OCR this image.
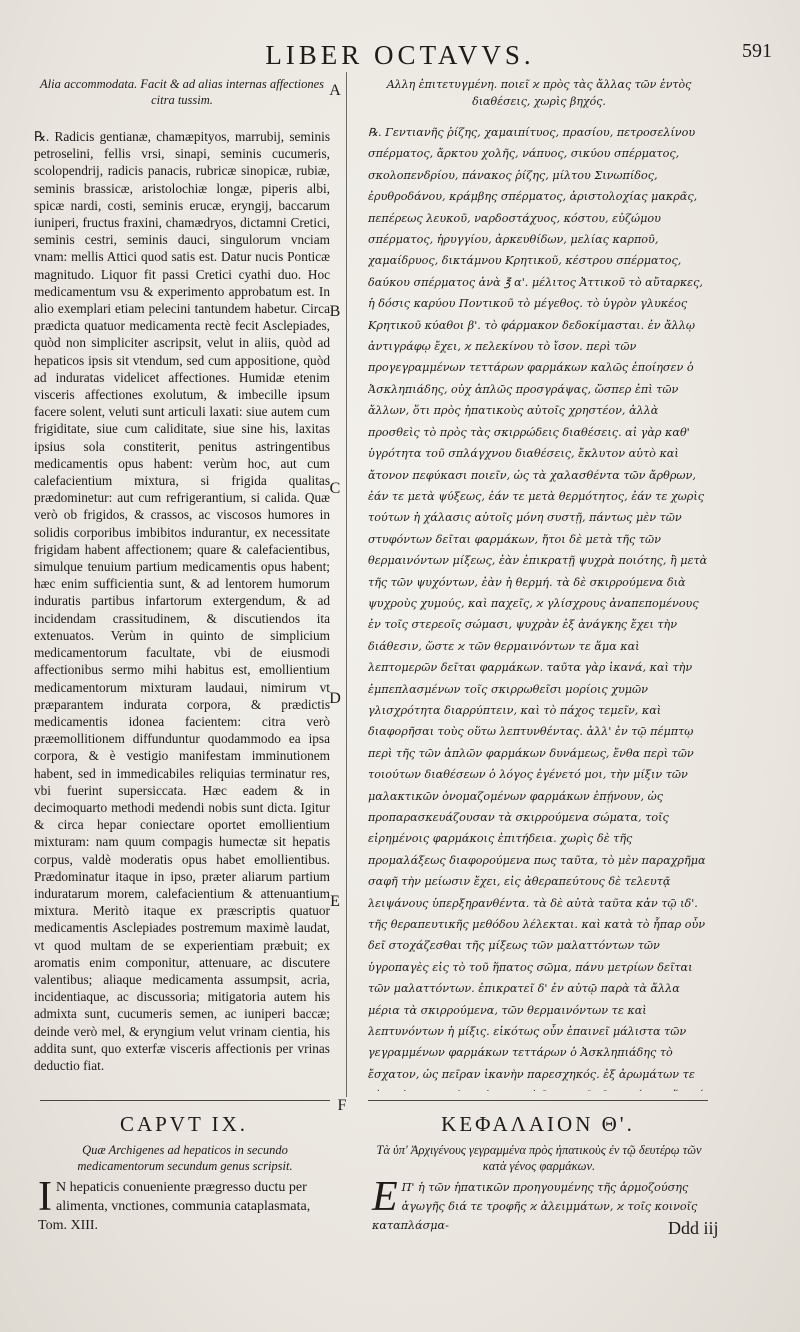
LIBER OCTAVVS.	591

Alia accommodata. Facit & ad alias internas affectiones citra tussim.

℞. Radicis gentianæ, chamæpityos, marrubij, seminis petroselini, fellis vrsi, sinapi, seminis cucumeris, scolopendrij, radicis panacis, rubricæ sinopicæ, rubiæ, seminis brassicæ, aristolochiæ longæ, piperis albi, spicæ nardi, costi, seminis erucæ, eryngij, baccarum iuniperi, fructus fraxini, chamædryos, dictamni Cretici, seminis cestri, seminis dauci, singulorum vnciam vnam: mellis Attici quod satis est. Datur nucis Ponticæ magnitudo. Liquor fit passi Cretici cyathi duo. Hoc medicamentum vsu & experimento approbatum est. In alio exemplari etiam pelecini tantundem habetur. Circa prædicta quatuor medicamenta rectè fecit Asclepiades, quòd non simpliciter ascripsit, velut in aliis, quòd ad hepaticos ipsis sit vtendum, sed cum appositione, quòd ad induratas videlicet affectiones. Humidæ etenim visceris affectiones exolutum, & imbecille ipsum facere solent, veluti sunt articuli laxati: siue autem cum frigiditate, siue cum caliditate, siue sine his, laxitas ipsius sola constiterit, penitus astringentibus medicamentis opus habent: verùm hoc, aut cum calefacientium mixtura, si frigida qualitas prædominetur: aut cum refrigerantium, si calida. Quæ verò ob frigidos, & crassos, ac viscosos humores in solidis corporibus imbibitos indurantur, ex necessitate frigidam habent affectionem; quare & calefacientibus, simulque tenuium partium medicamentis opus habent; hæc enim sufficientia sunt, & ad lentorem humorum induratis partibus infartorum extergendum, & ad incidendam crassitudinem, & discutiendos ita extenuatos. Verùm in quinto de simplicium medicamentorum facultate, vbi de eiusmodi affectionibus sermo mihi habitus est, emollientium medicamentorum mixturam laudaui, nimirum vt præparantem indurata corpora, & prædictis medicamentis idonea facientem: citra verò præemollitionem diffunduntur quodammodo ea ipsa corpora, & è vestigio manifestam imminutionem habent, sed in immedicabiles reliquias terminatur res, vbi fuerint supersiccata. Hæc eadem & in decimoquarto methodi medendi nobis sunt dicta. Igitur & circa hepar coniectare oportet emollientium mixturam: nam quum compagis humectæ sit hepatis corpus, valdè moderatis opus habet emollientibus. Prædominatur itaque in ipso, præter aliarum partium induratarum morem, calefacientium & attenuantium mixtura. Meritò itaque ex præscriptis quatuor medicamentis Asclepiades postremum maximè laudat, vt quod multam de se experientiam præbuit; ex aromatis enim componitur, attenuare, ac discutere valentibus; aliaque medicamenta assumpsit, acria, incidentiaque, ac discussoria; mitigatoria autem his admixta sunt, cucumeris semen, ac iuniperi baccæ; deinde verò mel, & eryngium velut vrinam cientia, his addita sunt, quo exterfæ visceris affectionis per vrinas deductio fiat.

A
B
C
D
E
F

Αλλη ἐπιτετυγμένη. ποιεῖ ϰ πρὸς τὰς ἄλλας τῶν ἐντὸς διαθέσεις, χωρὶς βηχός.

℞. Γεντιανῆς ῥίζης, χαμαιπίτυος, πρασίου, πετροσελίνου σπέρματος, ἄρκτου χολῆς, νάπυος, σικύου σπέρματος, σκολοπενδρίου, πάνακος ῥίζης, μίλτου Σινωπίδος, ἐρυθροδάνου, κράμβης σπέρματος, ἀριστολοχίας μακρᾶς, πεπέρεως λευκοῦ, ναρδοστάχυος, κόστου, εὐζώμου σπέρματος, ἠρυγγίου, ἀρκευθίδων, μελίας καρποῦ, χαμαίδρυος, δικτάμνου Κρητικοῦ, κέστρου σπέρματος, δαύκου σπέρματος ἀνὰ ℥ α'. μέλιτος Ἀττικοῦ τὸ αὔταρκες, ἡ δόσις καρύου Ποντικοῦ τὸ μέγεθος. τὸ ὑγρὸν γλυκέος Κρητικοῦ κύαθοι β'. τὸ φάρμακον δεδοκίμασται. ἐν ἄλλῳ ἀντιγράφῳ ἔχει, ϰ πελεκίνου τὸ ἴσον. περὶ τῶν προγεγραμμένων τεττάρων φαρμάκων καλῶς ἐποίησεν ὁ Ἀσκληπιάδης, οὐχ ἁπλῶς προσγράψας, ὥσπερ ἐπὶ τῶν ἄλλων, ὅτι πρὸς ἡπατικοὺς αὐτοῖς χρηστέον, ἀλλὰ προσθεὶς τὸ πρὸς τὰς σκιρρώδεις διαθέσεις. αἱ γὰρ καθ' ὑγρότητα τοῦ σπλάγχνου διαθέσεις, ἔκλυτον αὐτὸ καὶ ἄτονον πεφύκασι ποιεῖν, ὡς τὰ χαλασθέντα τῶν ἄρθρων, ἐάν τε μετὰ ψύξεως, ἐάν τε μετὰ θερμότητος, ἐάν τε χωρὶς τούτων ἡ χάλασις αὐτοῖς μόνη συστῇ, πάντως μὲν τῶν στυφόντων δεῖται φαρμάκων, ἤτοι δὲ μετὰ τῆς τῶν θερμαινόντων μίξεως, ἐὰν ἐπικρατῇ ψυχρὰ ποιότης, ἢ μετὰ τῆς τῶν ψυχόντων, ἐὰν ἡ θερμή. τὰ δὲ σκιρρούμενα διὰ ψυχροὺς χυμούς, καὶ παχεῖς, ϰ γλίσχρους ἀναπεπομένους ἐν τοῖς στερεοῖς σώμασι, ψυχρὰν ἐξ ἀνάγκης ἔχει τὴν διάθεσιν, ὥστε ϰ τῶν θερμαινόντων τε ἅμα καὶ λεπτομερῶν δεῖται φαρμάκων. ταῦτα γὰρ ἱκανά, καὶ τὴν ἐμπεπλασμένων τοῖς σκιρρωθεῖσι μορίοις χυμῶν γλισχρότητα διαρρύπτειν, καὶ τὸ πάχος τεμεῖν, καὶ διαφορῆσαι τοὺς οὕτω λεπτυνθέντας. ἀλλ' ἐν τῷ πέμπτῳ περὶ τῆς τῶν ἁπλῶν φαρμάκων δυνάμεως, ἔνθα περὶ τῶν τοιούτων διαθέσεων ὁ λόγος ἐγένετό μοι, τὴν μίξιν τῶν μαλακτικῶν ὀνομαζομένων φαρμάκων ἐπῄνουν, ὡς προπαρασκευάζουσαν τὰ σκιρρούμενα σώματα, τοῖς εἰρημένοις φαρμάκοις ἐπιτήδεια. χωρὶς δὲ τῆς προμαλάξεως διαφορούμενα πως ταῦτα, τὸ μὲν παραχρῆμα σαφῆ τὴν μείωσιν ἔχει, εἰς ἀθεραπεύτους δὲ τελευτᾷ λειψάνους ὑπερξηρανθέντα. τὰ δὲ αὐτὰ ταῦτα κἀν τῷ ιδ'. τῆς θεραπευτικῆς μεθόδου λέλεκται. καὶ κατὰ τὸ ἧπαρ οὖν δεῖ στοχάζεσθαι τῆς μίξεως τῶν μαλαττόντων τῶν ὑγροπαγὲς εἰς τὸ τοῦ ἥπατος σῶμα, πάνυ μετρίων δεῖται τῶν μαλαττόντων. ἐπικρατεῖ δ' ἐν αὐτῷ παρὰ τὰ ἄλλα μέρια τὰ σκιρρούμενα, τῶν θερμαινόντων τε καὶ λεπτυνόντων ἡ μίξις. εἰκότως οὖν ἐπαινεῖ μάλιστα τῶν γεγραμμένων φαρμάκων τεττάρων ὁ Ἀσκληπιάδης τὸ ἔσχατον, ὡς πεῖραν ἱκανὴν παρεσχηκός. ἐξ ἀρωμάτων τε

CAPVT IX.
Quæ Archigenes ad hepaticos in secundo medicamentorum secundum genus scripsit.
I N hepaticis conueniente prægresso ductu per alimenta, vnctiones, communia cataplasmata, Tom. XIII.
ΚΕΦΑΛΑΙΟΝ Θ'.
Τὰ ὑπ' Ἀρχιγένους γεγραμμένα πρὸς ἡπατικοὺς ἐν τῷ δευτέρῳ τῶν κατὰ γένος φαρμάκων.
Ε Π' ἡ τῶν ἡπατικῶν προηγουμένης τῆς ἁρμοζούσης ἀγωγῆς διά τε τροφῆς ϰ ἀλειμμάτων, ϰ τοῖς κοινοῖς καταπλάσμα-	Ddd iij
